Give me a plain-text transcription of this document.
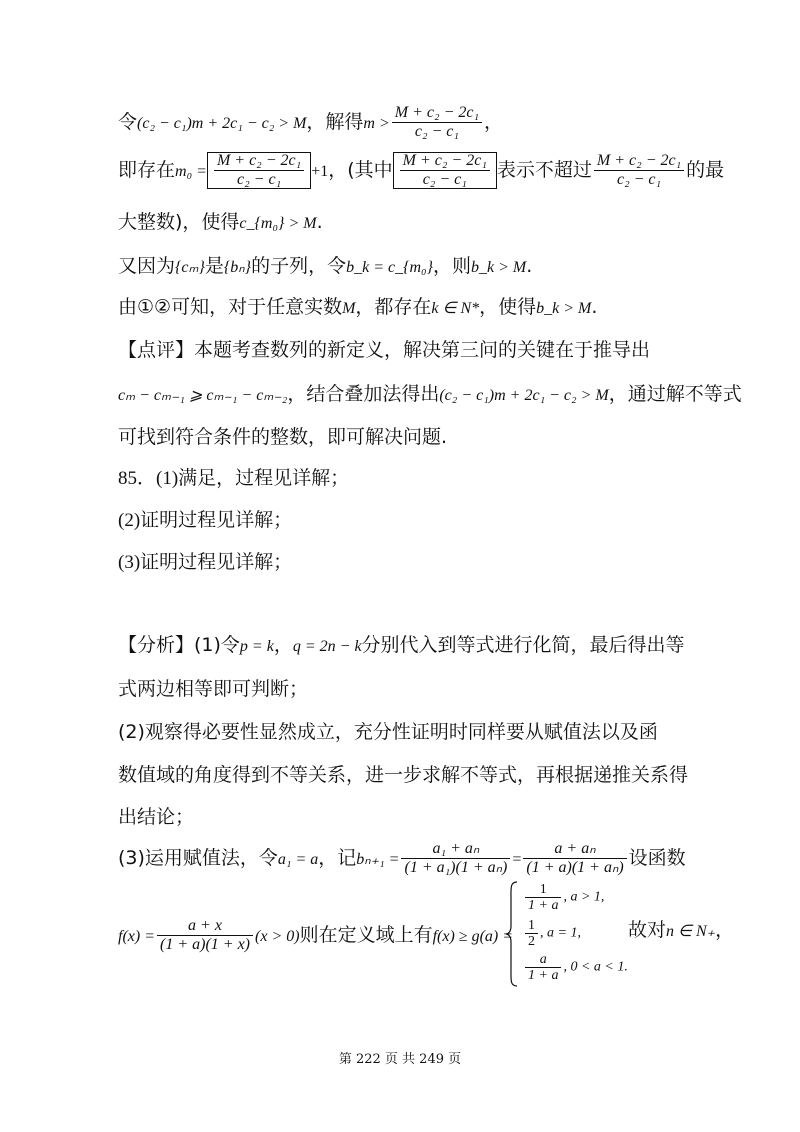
令(c₂ − c₁)m + 2c₁ − c₂ > M，解得$m > \frac{\text{M + c₂ − 2c₁}}{\text{c₂ − c₁}}$ ，
即存在$m_0 = \frac{\text{M + c₂ − 2c₁}}{\text{c₂ − c₁}} +1$，(其中 $\frac{\text{M + c₂ − 2c₁}}{\text{c₂ − c₁}}$ 表示不超过 $\frac{\text{M + c₂ − 2c₁}}{\text{c₂ − c₁}}$ 的最
大整数)，使得c_{m₀} > M.
又因为{cₘ}是{bₙ}的子列，令b_k = c_{m₀}，则b_k > M.
由①②可知，对于任意实数M，都存在k ∈ N*，使得b_k > M.
【点评】本题考查数列的新定义，解决第三问的关键在于推导出
cₘ − cₘ₋₁ ⩾ cₘ₋₁ − cₘ₋₂，结合叠加法得出(c₂ − c₁)m + 2c₁ − c₂ > M，通过解不等式
可找到符合条件的整数，即可解决问题.
85．(1)满足，过程见详解；
(2)证明过程见详解；
(3)证明过程见详解；
【分析】(1)令p = k，q = 2n − k分别代入到等式进行化简，最后得出等
式两边相等即可判断；
(2)观察得必要性显然成立，充分性证明时同样要从赋值法以及函
数值域的角度得到不等关系，进一步求解不等式，再根据递推关系得
出结论；
(3)运用赋值法，令a₁ = a，记$b_{n+1} = \frac{\text{a₁ + aₙ}}{\text{(1 + a₁)(1 + aₙ)}} = \frac{\text{a + aₙ}}{\text{(1 + a)(1 + aₙ)}}$ 设函数
$f(x) = \frac{a + x}{(1 + a)(1 + x)} (x > 0)$则在定义域上有f(x) ≥ g(a) =
$\frac{1}{1 + a}$ , a > 1,
$\frac{1}{2}$ , a = 1,
$\frac{a}{1 + a}$ , 0 < a < 1.
故对n ∈ N₊，
第 222 页 共 249 页
